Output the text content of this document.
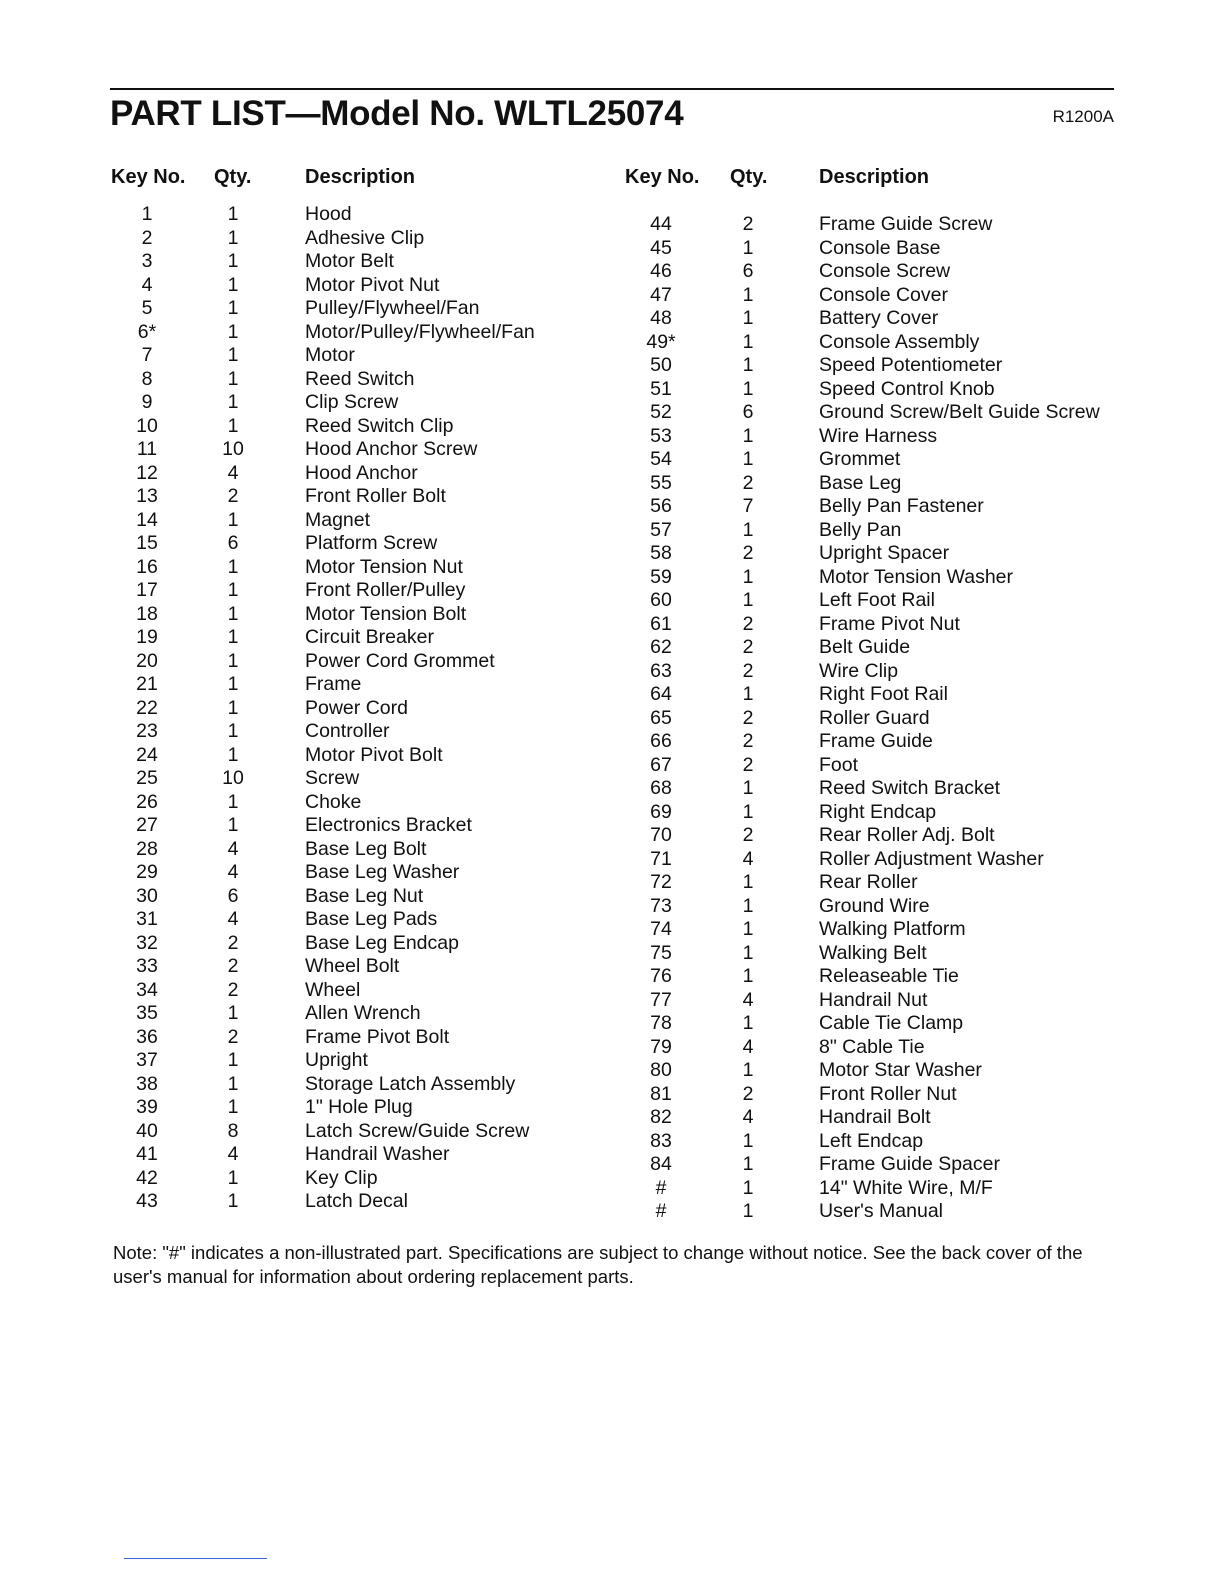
PART LIST—Model No. WLTL25074	R1200A
Key No. Qty.	Description	Key No. Qty.	Description
1	1	Hood
2	1	Adhesive Clip
3	1	Motor Belt
4	1	Motor Pivot Nut
5	1	Pulley/Flywheel/Fan
6*	1	Motor/Pulley/Flywheel/Fan
7	1	Motor
8	1	Reed Switch
9	1	Clip Screw
10	1	Reed Switch Clip
11	10	Hood Anchor Screw
12	4	Hood Anchor
13	2	Front Roller Bolt
14	1	Magnet
15	6	Platform Screw
16	1	Motor Tension Nut
17	1	Front Roller/Pulley
18	1	Motor Tension Bolt
19	1	Circuit Breaker
20	1	Power Cord Grommet
21	1	Frame
22	1	Power Cord
23	1	Controller
24	1	Motor Pivot Bolt
25	10	Screw
26	1	Choke
27	1	Electronics Bracket
28	4	Base Leg Bolt
29	4	Base Leg Washer
30	6	Base Leg Nut
31	4	Base Leg Pads
32	2	Base Leg Endcap
33	2	Wheel Bolt
34	2	Wheel
35	1	Allen Wrench
36	2	Frame Pivot Bolt
37	1	Upright
38	1	Storage Latch Assembly
39	1	1" Hole Plug
40	8	Latch Screw/Guide Screw
41	4	Handrail Washer
42	1	Key Clip
43	1	Latch Decal
44	2	Frame Guide Screw
45	1	Console Base
46	6	Console Screw
47	1	Console Cover
48	1	Battery Cover
49*	1	Console Assembly
50	1	Speed Potentiometer
51	1	Speed Control Knob
52	6	Ground Screw/Belt Guide Screw
53	1	Wire Harness
54	1	Grommet
55	2	Base Leg
56	7	Belly Pan Fastener
57	1	Belly Pan
58	2	Upright Spacer
59	1	Motor Tension Washer
60	1	Left Foot Rail
61	2	Frame Pivot Nut
62	2	Belt Guide
63	2	Wire Clip
64	1	Right Foot Rail
65	2	Roller Guard
66	2	Frame Guide
67	2	Foot
68	1	Reed Switch Bracket
69	1	Right Endcap
70	2	Rear Roller Adj. Bolt
71	4	Roller Adjustment Washer
72	1	Rear Roller
73	1	Ground Wire
74	1	Walking Platform
75	1	Walking Belt
76	1	Releaseable Tie
77	4	Handrail Nut
78	1	Cable Tie Clamp
79	4	8" Cable Tie
80	1	Motor Star Washer
81	2	Front Roller Nut
82	4	Handrail Bolt
83	1	Left Endcap
84	1	Frame Guide Spacer
#	1	14" White Wire, M/F
#	1	User's Manual
Note: "#" indicates a non-illustrated part. Specifications are subject to change without notice. See the back cover of the user's manual for information about ordering replacement parts.
